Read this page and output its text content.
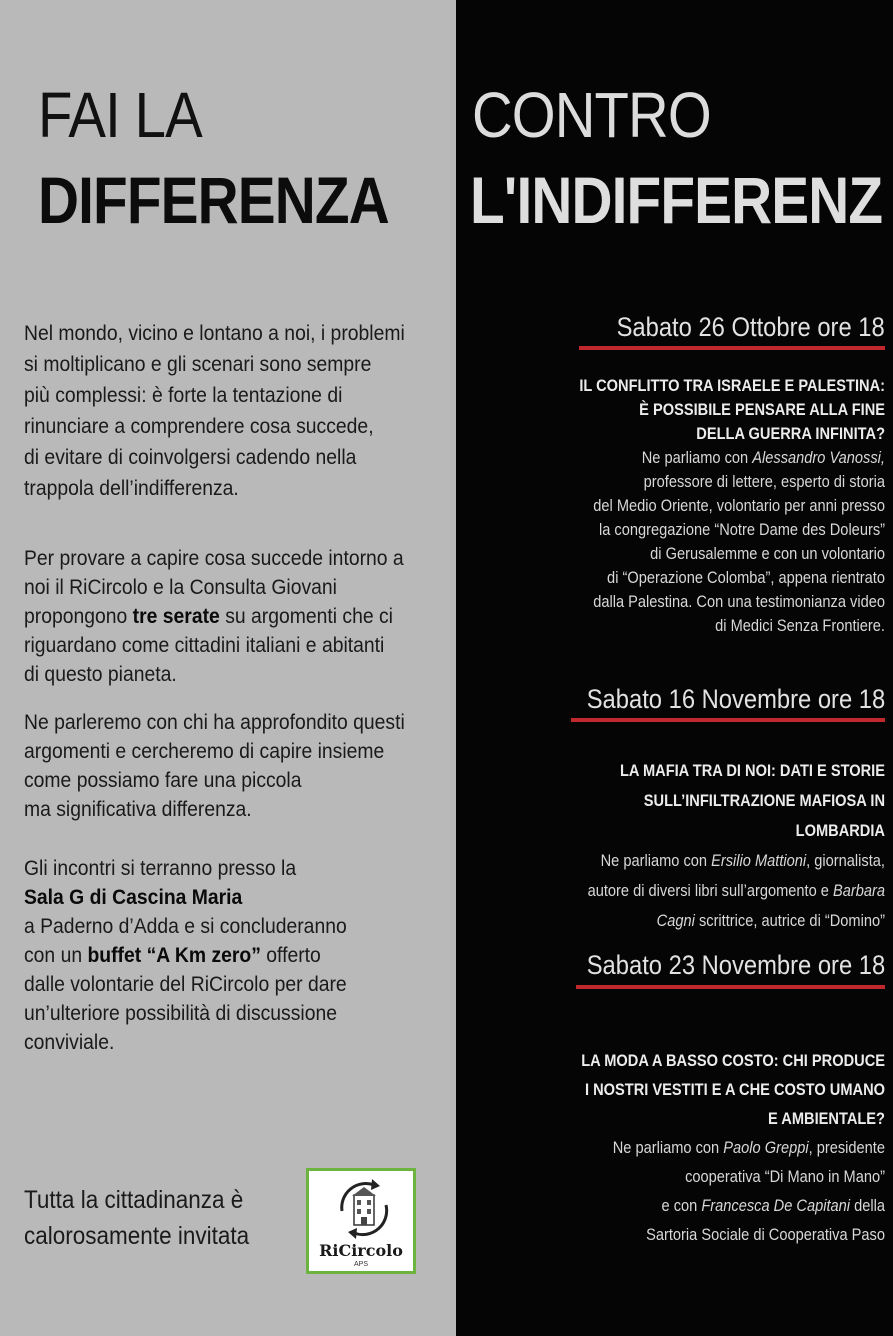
FAI LA
DIFFERENZA
CONTRO
L'INDIFFERENZ
Nel mondo, vicino e lontano a noi, i problemi
si moltiplicano e gli scenari sono sempre
più complessi: è forte la tentazione di
rinunciare a comprendere cosa succede,
di evitare di coinvolgersi cadendo nella
trappola dell’indifferenza.
Per provare a capire cosa succede intorno a
noi il RiCircolo e la Consulta Giovani
propongono tre serate su argomenti che ci
riguardano come cittadini italiani e abitanti
di questo pianeta.
Ne parleremo con chi ha approfondito questi
argomenti e cercheremo di capire insieme
come possiamo fare una piccola
ma significativa differenza.
Gli incontri si terranno presso la
Sala G di Cascina Maria
a Paderno d’Adda e si concluderanno
con un buffet “A Km zero” offerto
dalle volontarie del RiCircolo per dare
un’ulteriore possibilità di discussione
conviviale.
Tutta la cittadinanza è
calorosamente invitata
RiCircolo
APS
Sabato 26 Ottobre ore 18
IL CONFLITTO TRA ISRAELE E PALESTINA:
È POSSIBILE PENSARE ALLA FINE
DELLA GUERRA INFINITA?
Ne parliamo con Alessandro Vanossi,
professore di lettere, esperto di storia
del Medio Oriente, volontario per anni presso
la congregazione “Notre Dame des Doleurs”
di Gerusalemme e con un volontario
di “Operazione Colomba”, appena rientrato
dalla Palestina. Con una testimonianza video
di Medici Senza Frontiere.
Sabato 16 Novembre ore 18
LA MAFIA TRA DI NOI: DATI E STORIE
SULL’INFILTRAZIONE MAFIOSA IN
LOMBARDIA
Ne parliamo con Ersilio Mattioni, giornalista,
autore di diversi libri sull’argomento e Barbara
Cagni scrittrice, autrice di “Domino”
Sabato 23 Novembre ore 18
LA MODA A BASSO COSTO: CHI PRODUCE
I NOSTRI VESTITI E A CHE COSTO UMANO
E AMBIENTALE?
Ne parliamo con Paolo Greppi, presidente
cooperativa “Di Mano in Mano”
e con Francesca De Capitani della
Sartoria Sociale di Cooperativa Paso
